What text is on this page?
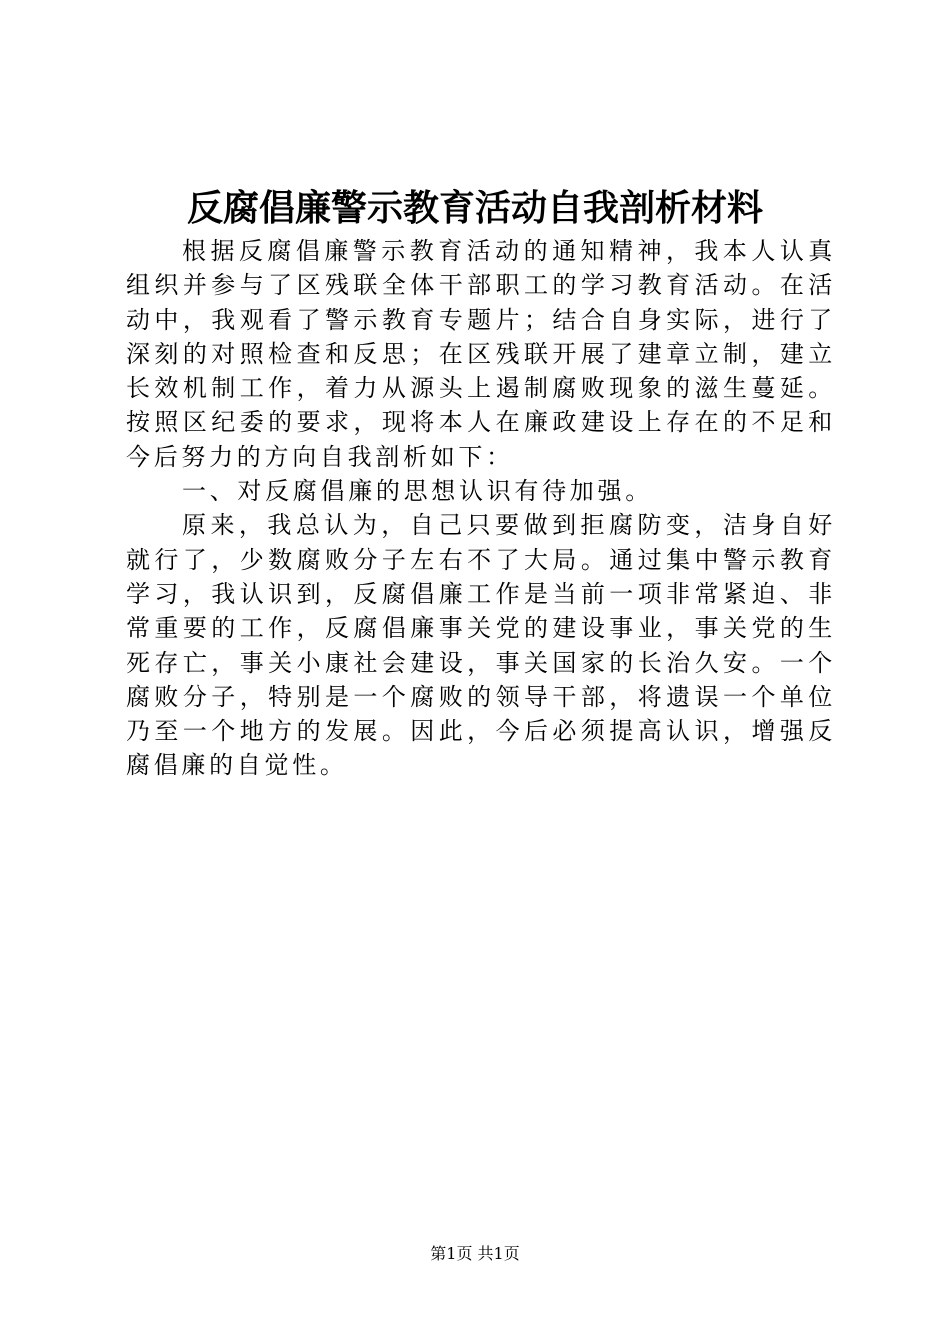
反腐倡廉警示教育活动自我剖析材料

根据反腐倡廉警示教育活动的通知精神，我本人认真组织并参与了区残联全体干部职工的学习教育活动。在活动中，我观看了警示教育专题片；结合自身实际，进行了深刻的对照检查和反思；在区残联开展了建章立制，建立长效机制工作，着力从源头上遏制腐败现象的滋生蔓延。按照区纪委的要求，现将本人在廉政建设上存在的不足和今后努力的方向自我剖析如下：

一、对反腐倡廉的思想认识有待加强。

原来，我总认为，自己只要做到拒腐防变，洁身自好就行了，少数腐败分子左右不了大局。通过集中警示教育学习，我认识到，反腐倡廉工作是当前一项非常紧迫、非常重要的工作，反腐倡廉事关党的建设事业，事关党的生死存亡，事关小康社会建设，事关国家的长治久安。一个腐败分子，特别是一个腐败的领导干部，将遗误一个单位乃至一个地方的发展。因此，今后必须提高认识，增强反腐倡廉的自觉性。

第1页 共1页
